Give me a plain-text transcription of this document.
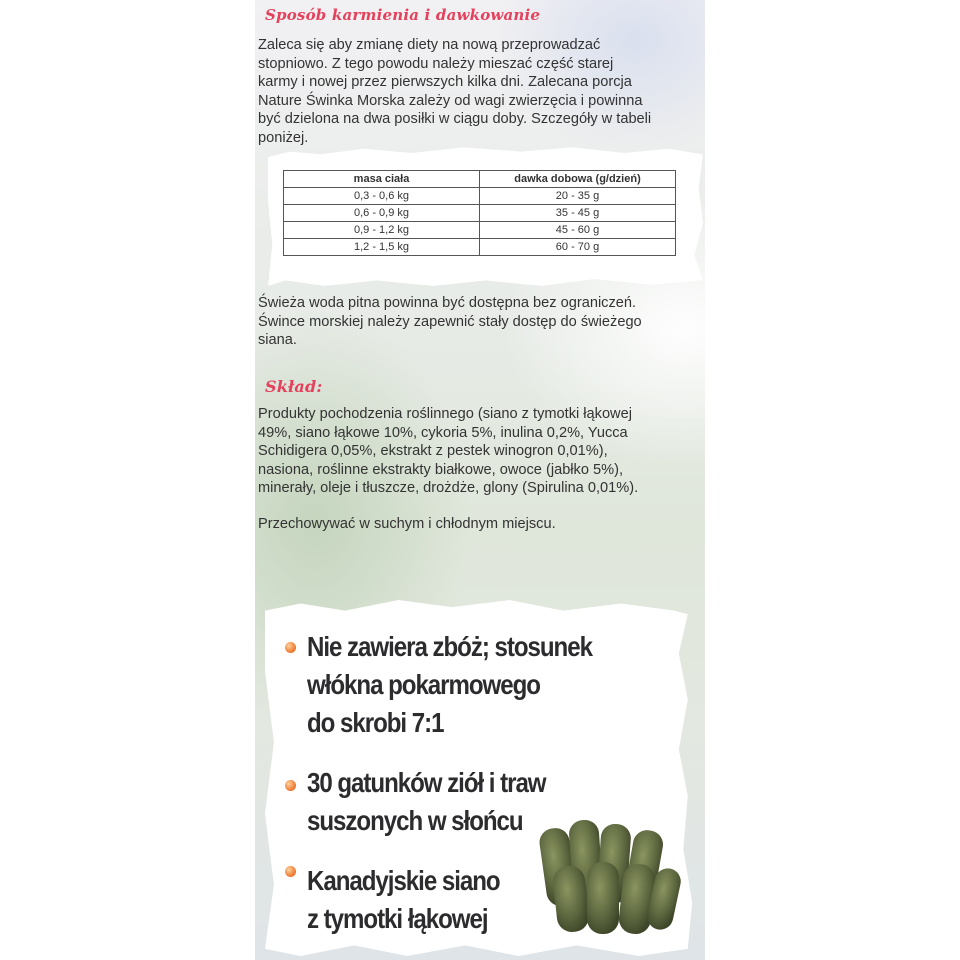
Sposób karmienia i dawkowanie
Zaleca się aby zmianę diety na nową przeprowadzać
stopniowo. Z tego powodu należy mieszać część starej
karmy i nowej przez pierwszych kilka dni. Zalecana porcja
Nature Świnka Morska zależy od wagi zwierzęcia i powinna
być dzielona na dwa posiłki w ciągu doby. Szczegóły w tabeli
poniżej.
masa ciała	dawka dobowa (g/dzień)
0,3 - 0,6 kg	20 - 35 g
0,6 - 0,9 kg	35 - 45 g
0,9 - 1,2 kg	45 - 60 g
1,2 - 1,5 kg	60 - 70 g
Świeża woda pitna powinna być dostępna bez ograniczeń.
Śwince morskiej należy zapewnić stały dostęp do świeżego
siana.
Skład:
Produkty pochodzenia roślinnego (siano z tymotki łąkowej
49%, siano łąkowe 10%, cykoria 5%, inulina 0,2%, Yucca
Schidigera 0,05%, ekstrakt z pestek winogron 0,01%),
nasiona, roślinne ekstrakty białkowe, owoce (jabłko 5%),
minerały, oleje i tłuszcze, drożdże, glony (Spirulina 0,01%).
Przechowywać w suchym i chłodnym miejscu.
Nie zawiera zbóż; stosunek
włókna pokarmowego
do skrobi 7:1
30 gatunków ziół i traw
suszonych w słońcu
Kanadyjskie siano
z tymotki łąkowej
